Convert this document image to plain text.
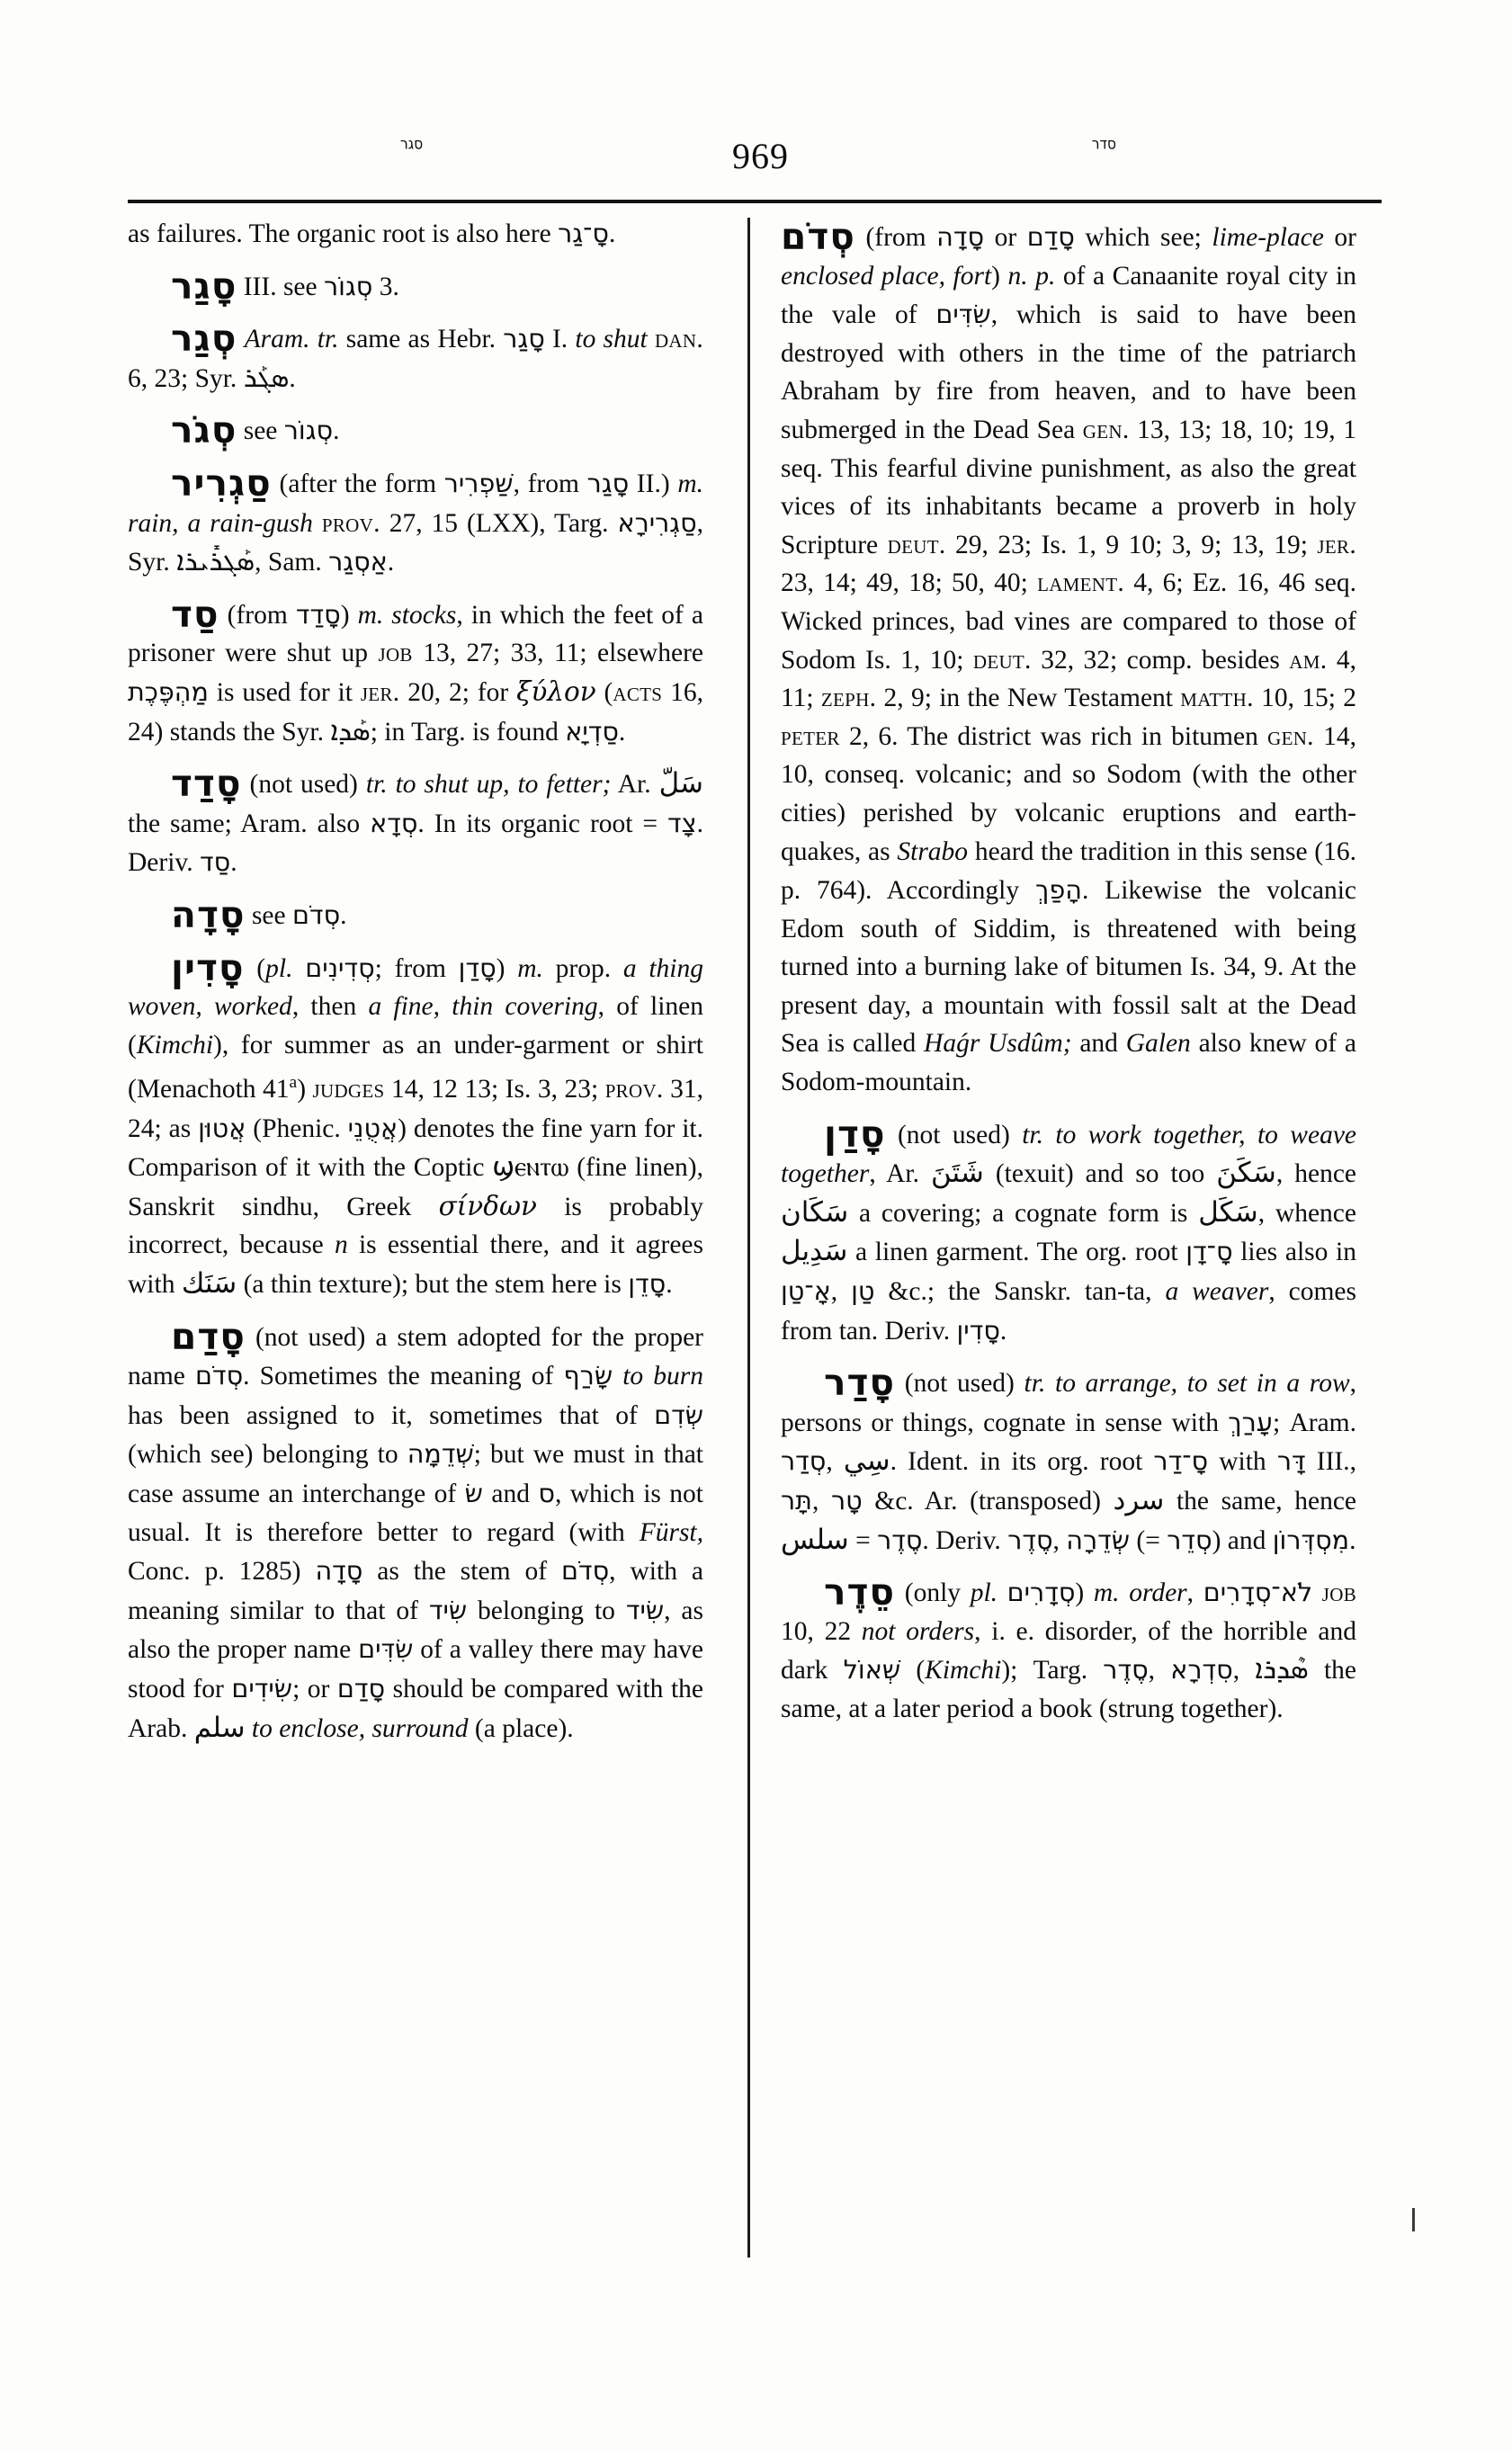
סגר	969	סדר

as failures. The organic root is also here סָ־גַר.

סָגַר III. see סְגוֹר 3.

סְגַר Aram. tr. same as Hebr. סָגַר I. to shut dan. 6, 23; Syr. ܣܓܰܪ.

סְגֹר see סְגוֹר.

סַגְרִיר (after the form שַׁפְרִיר, from סָגַר II.) m. rain, a rain-gush prov. 27, 15 (LXX), Targ. סַגְרִירָא, Syr. ܣܰܓܪܺܝܪܐ, Sam. אַסְגַר.

סַד (from סָדַד) m. stocks, in which the feet of a prisoner were shut up job 13, 27; 33, 11; elsewhere מַהְפֶּכֶת is used for it jer. 20, 2; for ξύλον (acts 16, 24) stands the Syr. ܣܰܕܐ; in Targ. is found סַדְיָא.

סָדַד (not used) tr. to shut up, to fetter; Ar. سَلّ the same; Aram. also סְדָא. In its organic root = צָד. Deriv. סַד.

סָדָה see סְדֹם.

סָדִין (pl. סְדִינִים; from סָדַן) m. prop. a thing woven, worked, then a fine, thin covering, of linen (Kimchi), for summer as an under-garment or shirt (Menachoth 41$^a$) judges 14, 12 13; Is. 3, 23; prov. 31, 24; as אֲטוּן (Phenic. אֲטֻנֵי) denotes the fine yarn for it. Comparison of it with the Coptic ϣⲉⲛⲧⲱ (fine linen), Sanskrit sindhu, Greek σίνδων is probably incorrect, because n is essential there, and it agrees with سَنَك (a thin texture); but the stem here is סָדֵן.

סָדַם (not used) a stem adopted for the proper name סְדֹם. Sometimes the meaning of שָׂרַף to burn has been assigned to it, sometimes that of שְׂדִם (which see) belonging to שְׁדֵמָה; but we must in that case assume an interchange of שׂ and ס, which is not usual. It is therefore better to regard (with Fürst, Conc. p. 1285) סָדָה as the stem of סְדֹם, with a meaning similar to that of שִׂיד belonging to שִׂיד, as also the proper name שִׂדִּים of a valley there may have stood for שִׂידִים; or סָדַם should be compared with the Arab. سلم to enclose, surround (a place).

סְדֹם (from סָדָה or סָדַם which see; lime-place or enclosed place, fort) n. p. of a Canaanite royal city in the vale of שִׂדִּים, which is said to have been destroyed with others in the time of the patriarch Abraham by fire from heaven, and to have been submerged in the Dead Sea gen. 13, 13; 18, 10; 19, 1 seq. This fearful divine punishment, as also the great vices of its inhabitants became a proverb in holy Scripture deut. 29, 23; Is. 1, 9 10; 3, 9; 13, 19; jer. 23, 14; 49, 18; 50, 40; lament. 4, 6; Ez. 16, 46 seq. Wicked princes, bad vines are compared to those of Sodom Is. 1, 10; deut. 32, 32; comp. besides am. 4, 11; zeph. 2, 9; in the New Testament matth. 10, 15; 2 peter 2, 6. The district was rich in bitumen gen. 14, 10, conseq. volcanic; and so Sodom (with the other cities) perished by volcanic eruptions and earth-quakes, as Strabo heard the tradition in this sense (16. p. 764). Accordingly הָפַךְ. Likewise the volcanic Edom south of Siddim, is threatened with being turned into a burning lake of bitumen Is. 34, 9. At the present day, a mountain with fossil salt at the Dead Sea is called Haǵr Usdûm; and Galen also knew of a Sodom-mountain.

סָדַן (not used) tr. to work together, to weave together, Ar. شَتَنَ (texuit) and so too سَكَنَ, hence سَكَان a covering; a cognate form is سَكَل, whence سَدِيل a linen garment. The org. root סָ־דָן lies also in אָ־טַן, טַן &c.; the Sanskr. tan-ta, a weaver, comes from tan. Deriv. סָדִין.

סָדַר (not used) tr. to arrange, to set in a row, persons or things, cognate in sense with עָרַךְ; Aram. סְדַר, سِي. Ident. in its org. root סָ־דַר with דָּר III., תָּר, טָר &c. Ar. (transposed) سرد the same, hence سلس = סֶדֶר. Deriv. סֶדֶר, שְׂדֵרָה (= סְדֵר) and מִסְדְּרוֹן.

סֵדֶר (only pl. סְדָרִים) m. order, לֹא־סְדָרִים job 10, 22 not orders, i. e. disorder, of the horrible and dark שְׁאוֹל (Kimchi); Targ. סֶדֶר, סִדְרָא, ܣܶܕܪܐ the same, at a later period a book (strung together).
